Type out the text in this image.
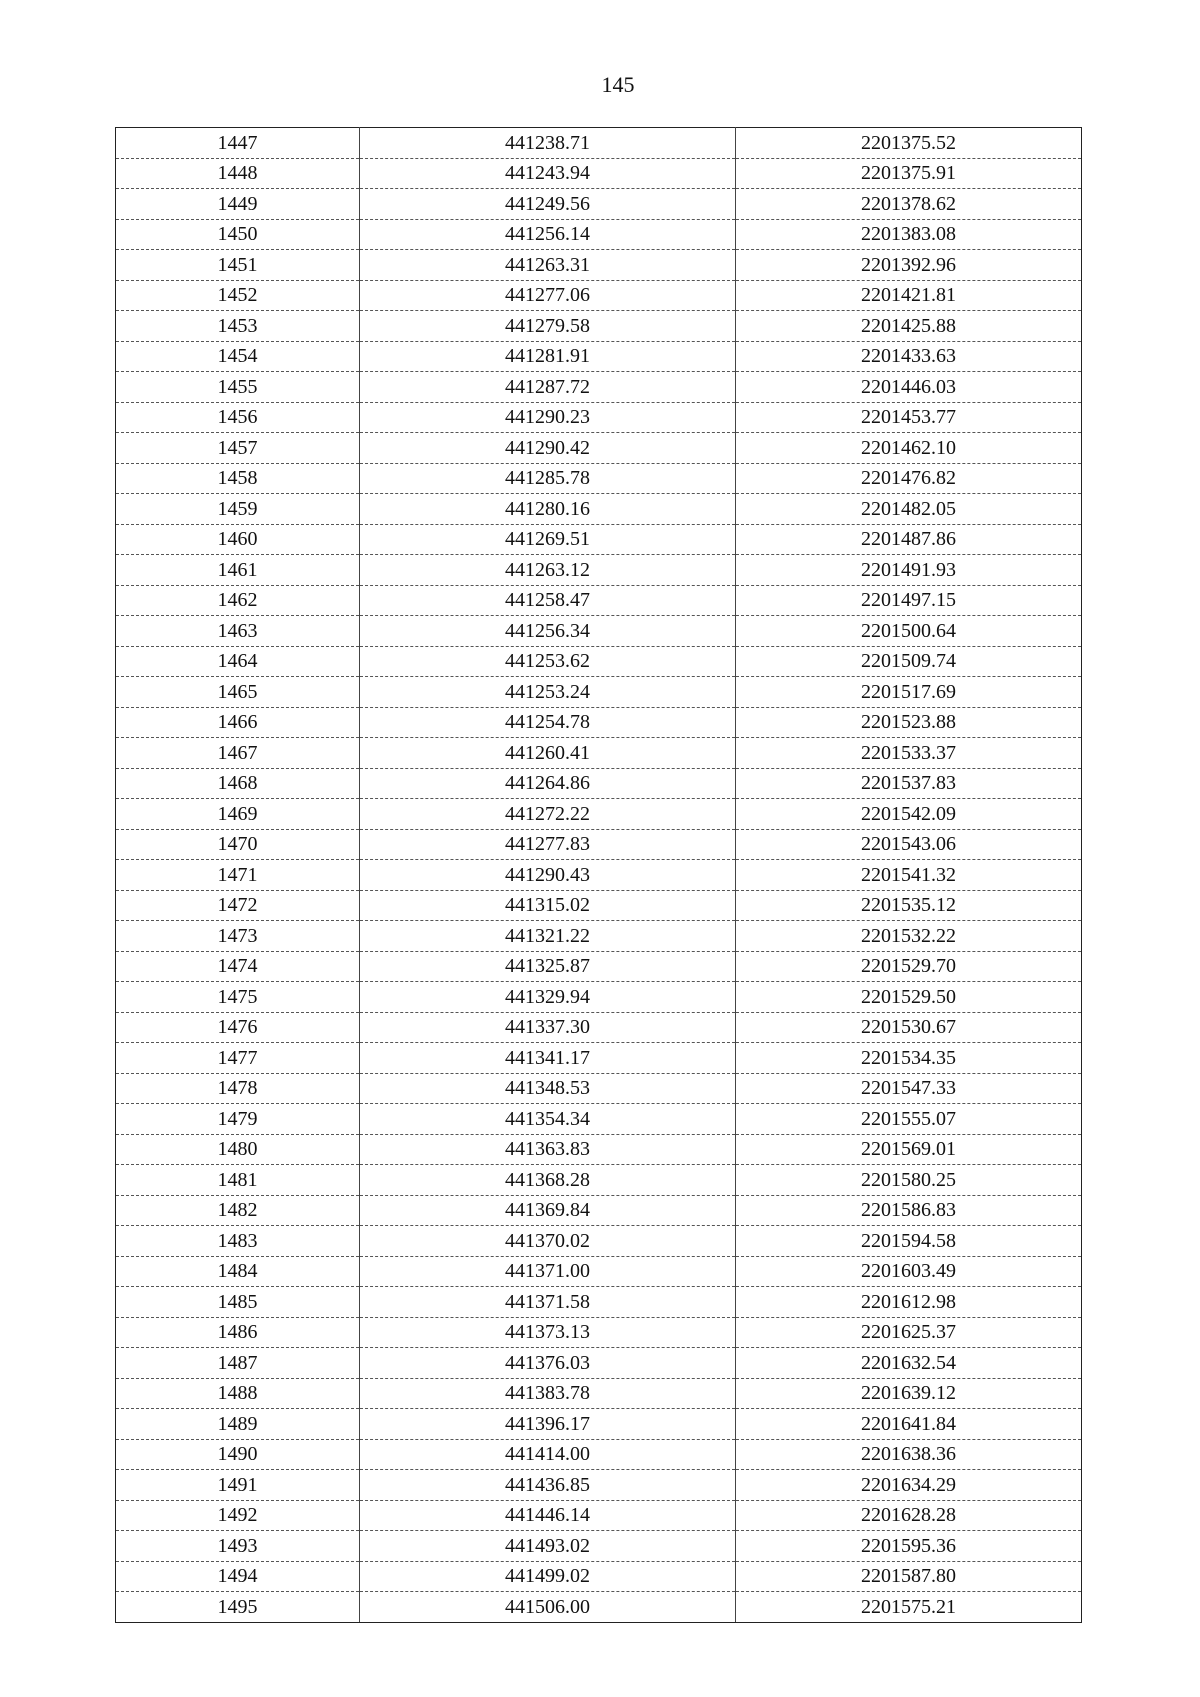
145
1447	441238.71	2201375.52
1448	441243.94	2201375.91
1449	441249.56	2201378.62
1450	441256.14	2201383.08
1451	441263.31	2201392.96
1452	441277.06	2201421.81
1453	441279.58	2201425.88
1454	441281.91	2201433.63
1455	441287.72	2201446.03
1456	441290.23	2201453.77
1457	441290.42	2201462.10
1458	441285.78	2201476.82
1459	441280.16	2201482.05
1460	441269.51	2201487.86
1461	441263.12	2201491.93
1462	441258.47	2201497.15
1463	441256.34	2201500.64
1464	441253.62	2201509.74
1465	441253.24	2201517.69
1466	441254.78	2201523.88
1467	441260.41	2201533.37
1468	441264.86	2201537.83
1469	441272.22	2201542.09
1470	441277.83	2201543.06
1471	441290.43	2201541.32
1472	441315.02	2201535.12
1473	441321.22	2201532.22
1474	441325.87	2201529.70
1475	441329.94	2201529.50
1476	441337.30	2201530.67
1477	441341.17	2201534.35
1478	441348.53	2201547.33
1479	441354.34	2201555.07
1480	441363.83	2201569.01
1481	441368.28	2201580.25
1482	441369.84	2201586.83
1483	441370.02	2201594.58
1484	441371.00	2201603.49
1485	441371.58	2201612.98
1486	441373.13	2201625.37
1487	441376.03	2201632.54
1488	441383.78	2201639.12
1489	441396.17	2201641.84
1490	441414.00	2201638.36
1491	441436.85	2201634.29
1492	441446.14	2201628.28
1493	441493.02	2201595.36
1494	441499.02	2201587.80
1495	441506.00	2201575.21
